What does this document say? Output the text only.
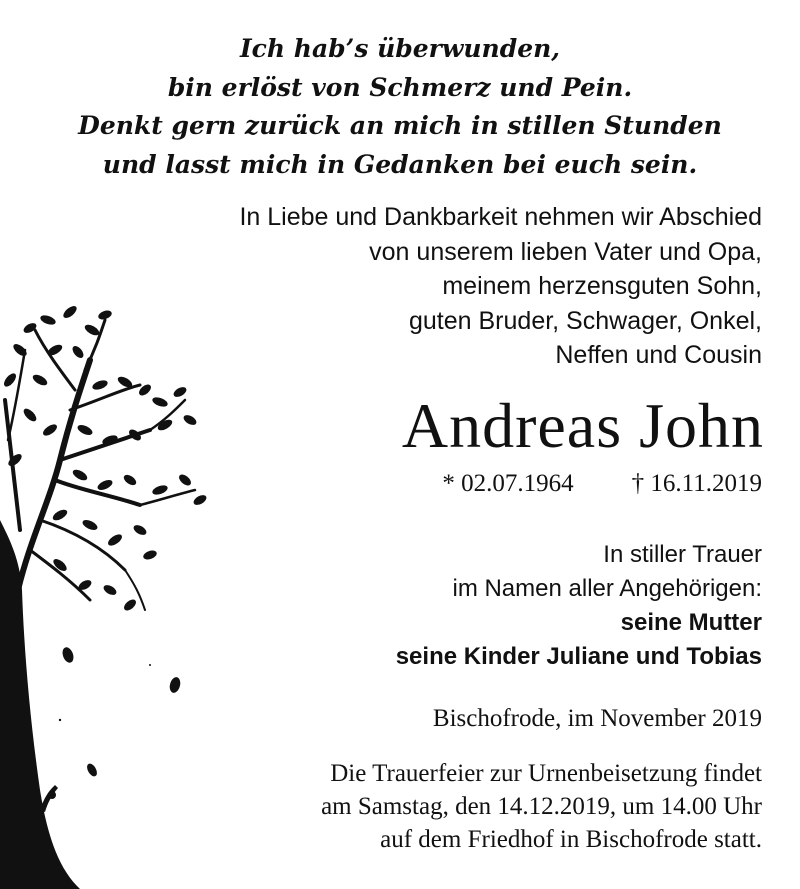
Ich hab’s überwunden,
bin erlöst von Schmerz und Pein.
Denkt gern zurück an mich in stillen Stunden
und lasst mich in Gedanken bei euch sein.
In Liebe und Dankbarkeit nehmen wir Abschied
von unserem lieben Vater und Opa,
meinem herzensguten Sohn,
guten Bruder, Schwager, Onkel,
Neffen und Cousin
Andreas John
* 02.07.1964 † 16.11.2019
In stiller Trauer
im Namen aller Angehörigen:
seine Mutter
seine Kinder Juliane und Tobias
Bischofrode, im November 2019
Die Trauerfeier zur Urnenbeisetzung findet
am Samstag, den 14.12.2019, um 14.00 Uhr
auf dem Friedhof in Bischofrode statt.
